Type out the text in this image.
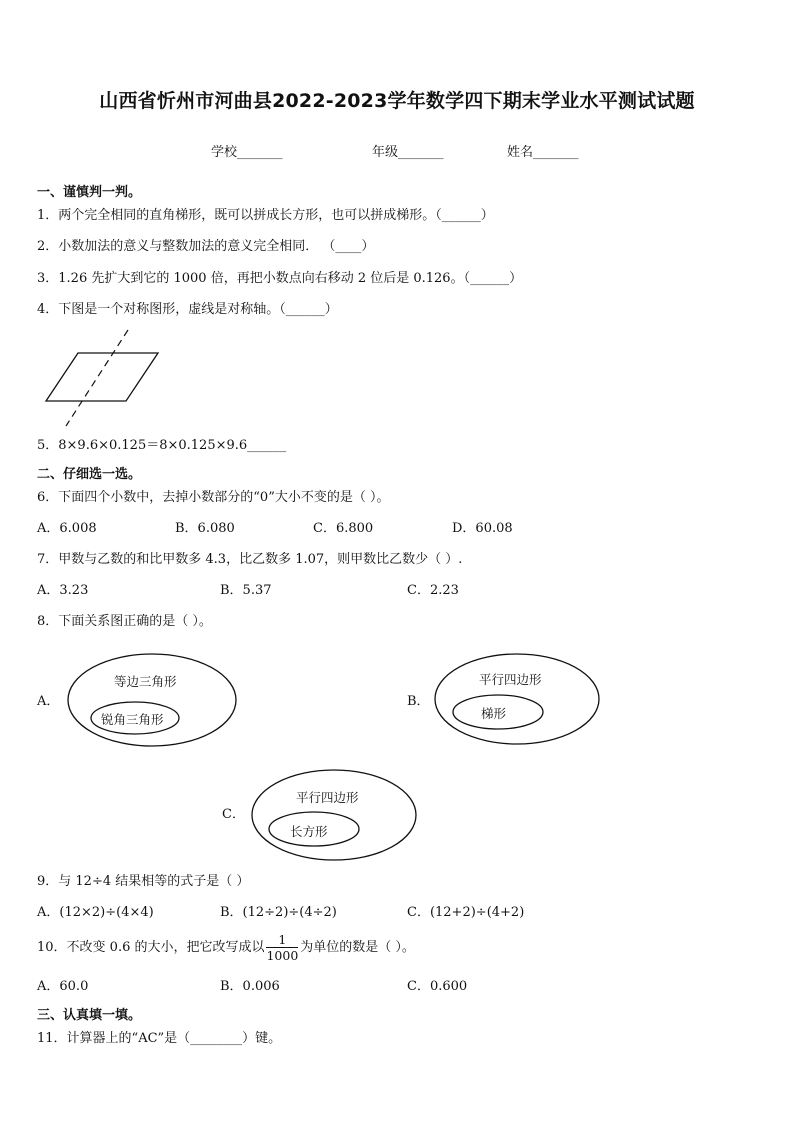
山西省忻州市河曲县2022-2023学年数学四下期末学业水平测试试题
学校_______	年级_______	姓名_______
一、谨慎判一判。
1．两个完全相同的直角梯形，既可以拼成长方形，也可以拼成梯形。（______）
2．小数加法的意义与整数加法的意义完全相同． （____）
3．1.26 先扩大到它的 1000 倍，再把小数点向右移动 2 位后是 0.126。（______）
4．下图是一个对称图形，虚线是对称轴。（______）
5．8×9.6×0.125＝8×0.125×9.6______
二、仔细选一选。
6．下面四个小数中，去掉小数部分的“0”大小不变的是（ ）。
A．6.008	B．6.080	C．6.800	D．60.08
7．甲数与乙数的和比甲数多 4.3，比乙数多 1.07，则甲数比乙数少（ ）.
A．3.23	B．5.37	C．2.23
8．下面关系图正确的是（ ）。
A．
等边三角形
锐角三角形
B．
平行四边形
梯形
C．
平行四边形
长方形
9．与 12÷4 结果相等的式子是（ ）
A．(12×2)÷(4×4)	B．(12÷2)÷(4÷2)	C．(12+2)÷(4+2)
10．不改变 0.6 的大小，把它改写成以 $\frac{1}{1000}$ 为单位的数是（ ）。
A．60.0	B．0.006	C．0.600
三、认真填一填。
11．计算器上的“AC”是（________）键。
